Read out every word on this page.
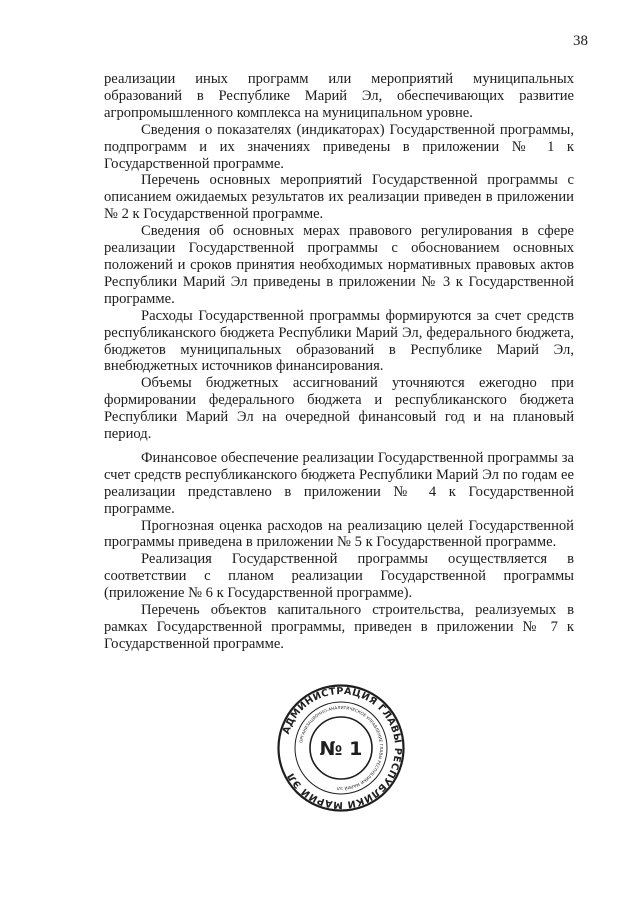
38

реализации иных программ или мероприятий муниципальных образований в Республике Марий Эл, обеспечивающих развитие агропромышленного комплекса на муниципальном уровне.

Сведения о показателях (индикаторах) Государственной программы, подпрограмм и их значениях приведены в приложении № 1 к Государственной программе.

Перечень основных мероприятий Государственной программы с описанием ожидаемых результатов их реализации приведен в приложении № 2 к Государственной программе.

Сведения об основных мерах правового регулирования в сфере реализации Государственной программы с обоснованием основных положений и сроков принятия необходимых нормативных правовых актов Республики Марий Эл приведены в приложении № 3 к Государственной программе.

Расходы Государственной программы формируются за счет средств республиканского бюджета Республики Марий Эл, федерального бюджета, бюджетов муниципальных образований в Республике Марий Эл, внебюджетных источников финансирования.

Объемы бюджетных ассигнований уточняются ежегодно при формировании федерального бюджета и республиканского бюджета Республики Марий Эл на очередной финансовый год и на плановый период.

Финансовое обеспечение реализации Государственной программы за счет средств республиканского бюджета Республики Марий Эл по годам ее реализации представлено в приложении № 4 к Государственной программе.

Прогнозная оценка расходов на реализацию целей Государственной программы приведена в приложении № 5 к Государственной программе.

Реализация Государственной программы осуществляется в соответствии с планом реализации Государственной программы (приложение № 6 к Государственной программе).

Перечень объектов капитального строительства, реализуемых в рамках Государственной программы, приведен в приложении № 7 к Государственной программе.

АДМИНИСТРАЦИЯ ГЛАВЫ РЕСПУБЛИКИ МАРИЙ ЭЛ
ОРГАНИЗАЦИОННО-АНАЛИТИЧЕСКОЕ УПРАВЛЕНИЕ ГЛАВЫ РЕСПУБЛИКИ МАРИЙ ЭЛ
№ 1
